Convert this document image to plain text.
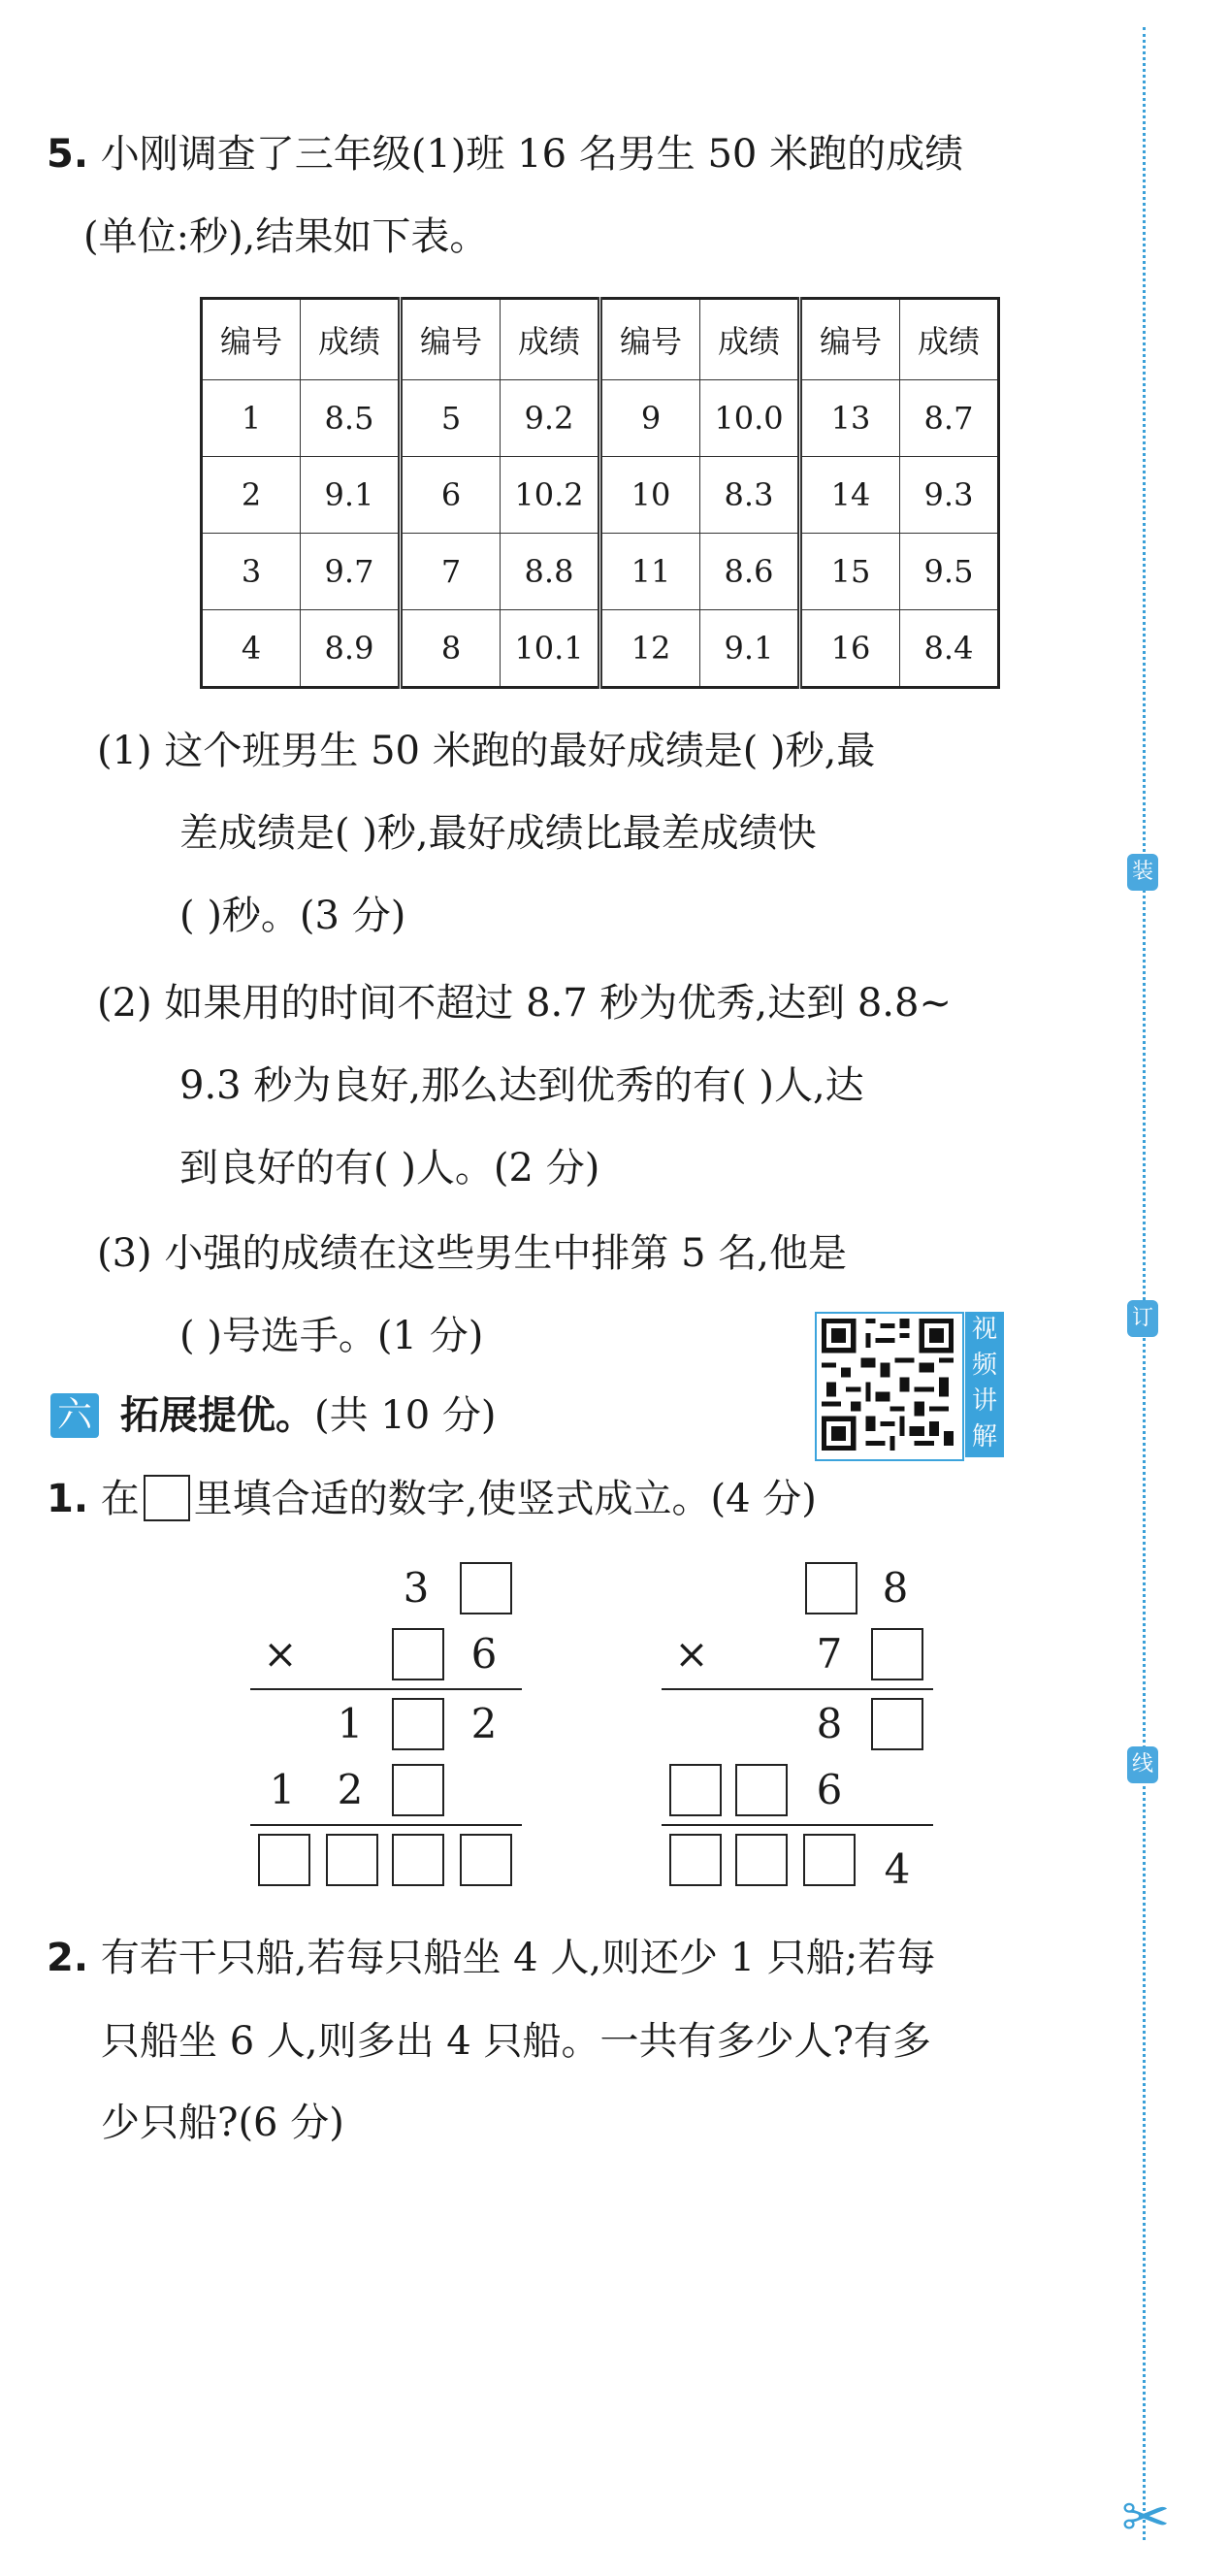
装
订
线
✂
5. 小刚调查了三年级(1)班 16 名男生 50 米跑的成绩
(单位:秒),结果如下表。
编号	成绩	编号	成绩	编号	成绩	编号	成绩
1	8.5	5	9.2	9	10.0	13	8.7
2	9.1	6	10.2	10	8.3	14	9.3
3	9.7	7	8.8	11	8.6	15	9.5
4	8.9	8	10.1	12	9.1	16	8.4
(1) 这个班男生 50 米跑的最好成绩是( )秒,最
差成绩是( )秒,最好成绩比最差成绩快
( )秒。(3 分)
(2) 如果用的时间不超过 8.7 秒为优秀,达到 8.8~
9.3 秒为良好,那么达到优秀的有( )人,达
到良好的有( )人。(2 分)
(3) 小强的成绩在这些男生中排第 5 名,他是
( )号选手。(1 分)	视
频
讲
解
六 拓展提优。(共 10 分)
1. 在 里填合适的数字,使竖式成立。(4 分)
3
×	6
1	2
1	2
8
×	7
8
6
4
2. 有若干只船,若每只船坐 4 人,则还少 1 只船;若每
只船坐 6 人,则多出 4 只船。一共有多少人?有多
少只船?(6 分)
